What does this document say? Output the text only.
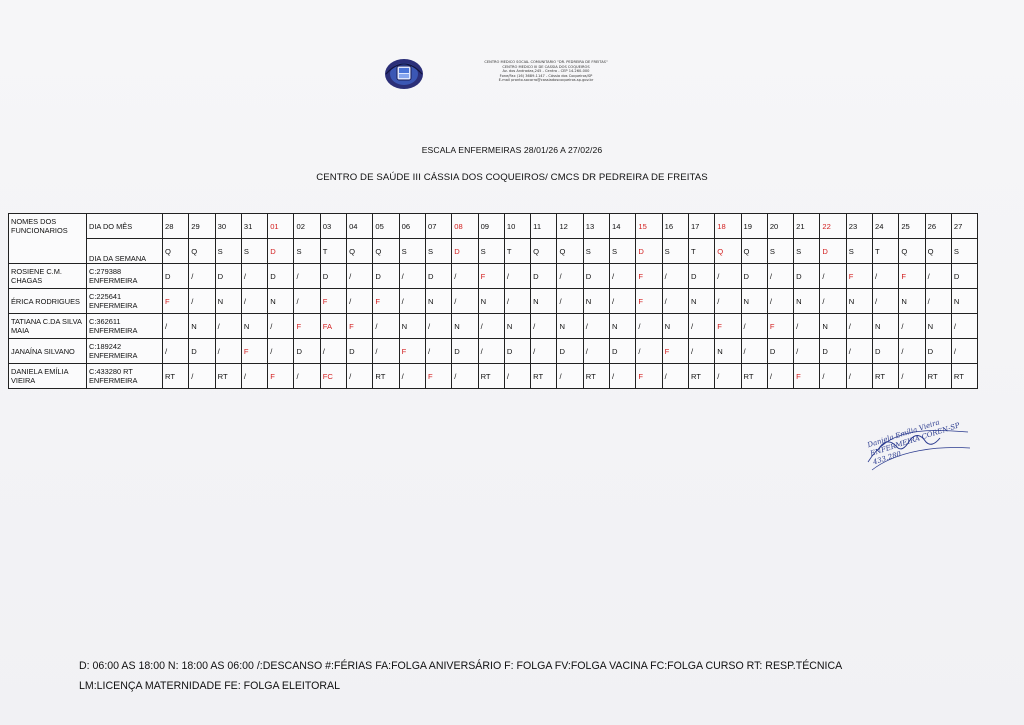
CENTRO MEDICO SOCIAL COMUNITARIO "DR. PEDREIRA DE FREITAS"
CENTRO MEDICO III DE CASSIA DOS COQUEIROS
Av. dos Andradas,245 - Centro - CEP 14.260-000
Fone/Fax (16) 3689-1147 - Cássia dos Coqueiros/SP
E-mail pronto.socorro@cassiadoscoqueiros.sp.gov.br
ESCALA ENFERMEIRAS 28/01/26 A 27/02/26
CENTRO DE SAÚDE III CÁSSIA DOS COQUEIROS/ CMCS DR PEDREIRA DE FREITAS
NOMES DOS FUNCIONARIOS	DIA DO MÊS	28	29	30	31	01	02	03	04	05	06	07	08	09	10	11	12	13	14	15	16	17	18	19	20	21	22	23	24	25	26	27
	DIA DA SEMANA	Q	Q	S	S	D	S	T	Q	Q	S	S	D	S	T	Q	Q	S	S	D	S	T	Q	Q	S	S	D	S	T	Q	Q	S
ROSIENE C.M. CHAGAS	C:279388 ENFERMEIRA	D	/	D	/	D	/	D	/	D	/	D	/	F	/	D	/	D	/	F	/	D	/	D	/	D	/	F	/	F	/	D
ÉRICA RODRIGUES	C:225641 ENFERMEIRA	F	/	N	/	N	/	F	/	F	/	N	/	N	/	N	/	N	/	F	/	N	/	N	/	N	/	N	/	N	/	N
TATIANA C.DA SILVA MAIA	C:362611 ENFERMEIRA	/	N	/	N	/	F	FA	F	/	N	/	N	/	N	/	N	/	N	/	N	/	F	/	F	/	N	/	N	/	N	/
JANAÍNA SILVANO	C:189242 ENFERMEIRA	/	D	/	F	/	D	/	D	/	F	/	D	/	D	/	D	/	D	/	F	/	N	/	D	/	D	/	D	/	D	/
DANIELA EMÍLIA VIEIRA	C:433280 RT ENFERMEIRA	RT	/	RT	/	F	/	FC	/	RT	/	F	/	RT	/	RT	/	RT	/	F	/	RT	/	RT	/	F	/	/	RT	/	RT	RT
Daniela Emília Vieira ENFERMEIRA COREN-SP 433.280
D: 06:00 AS 18:00 N: 18:00 AS 06:00 /:DESCANSO #:FÉRIAS FA:FOLGA ANIVERSÁRIO F: FOLGA FV:FOLGA VACINA FC:FOLGA CURSO RT: RESP.TÉCNICA
LM:LICENÇA MATERNIDADE FE: FOLGA ELEITORAL
